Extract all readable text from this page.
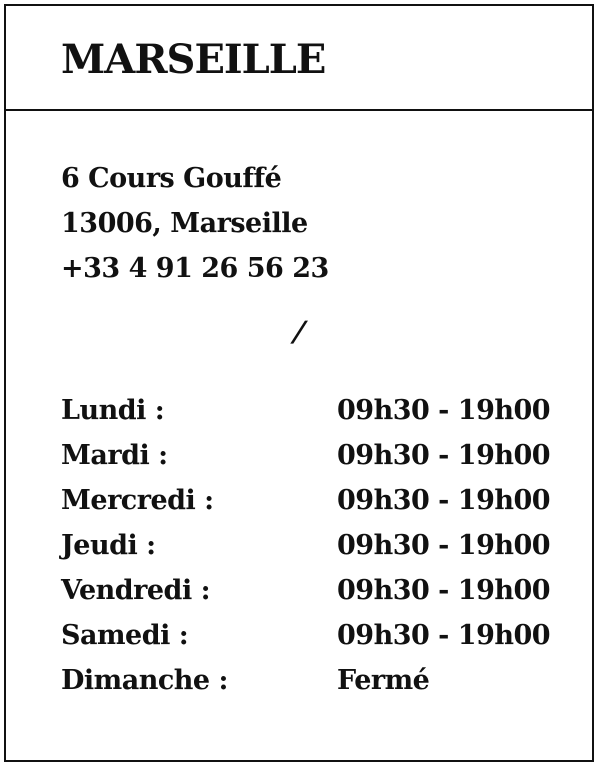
MARSEILLE
6 Cours Gouffé
13006, Marseille
+33 4 91 26 56 23
/
Lundi :	09h30 - 19h00
Mardi :	09h30 - 19h00
Mercredi :	09h30 - 19h00
Jeudi :	09h30 - 19h00
Vendredi :	09h30 - 19h00
Samedi :	09h30 - 19h00
Dimanche :	Fermé
